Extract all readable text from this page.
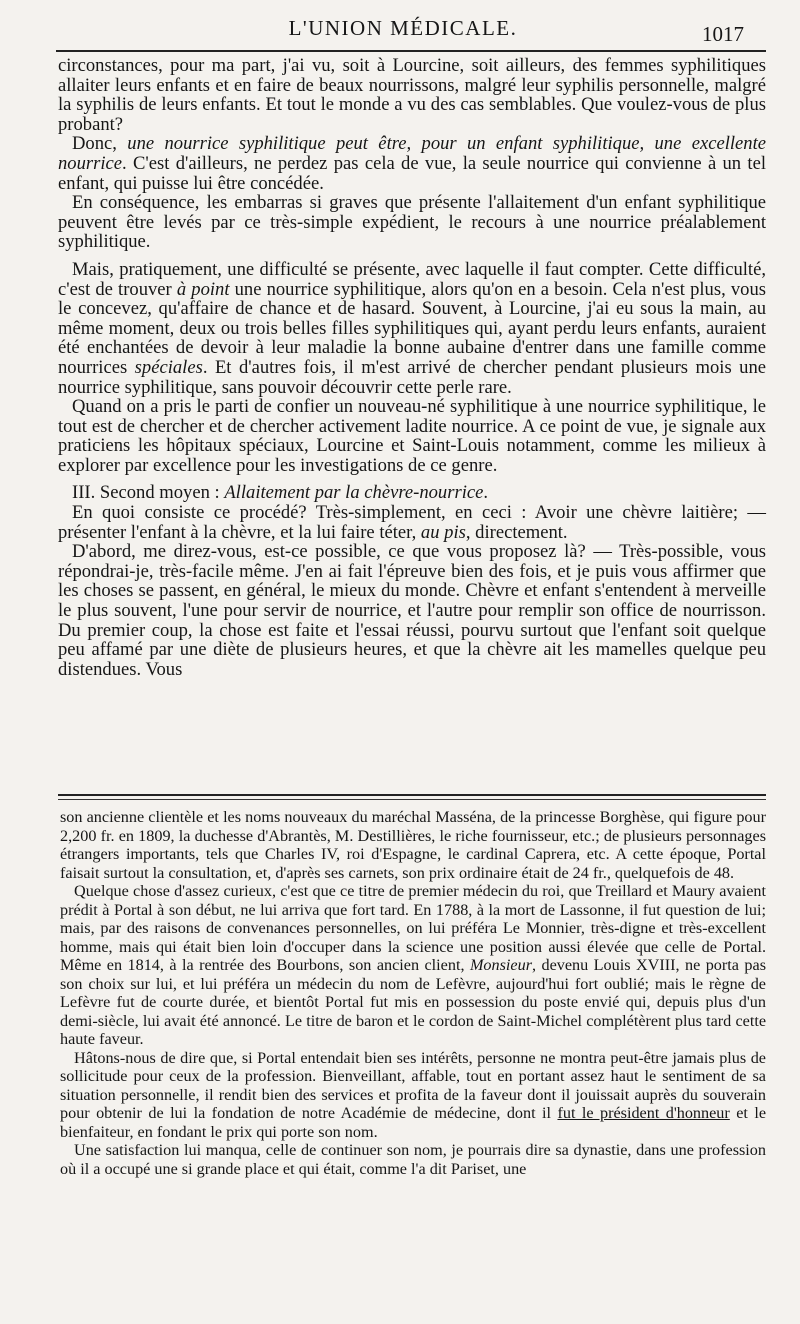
L'UNION MÉDICALE.	1017

circonstances, pour ma part, j'ai vu, soit à Lourcine, soit ailleurs, des femmes syphilitiques allaiter leurs enfants et en faire de beaux nourrissons, malgré leur syphilis personnelle, malgré la syphilis de leurs enfants. Et tout le monde a vu des cas semblables. Que voulez-vous de plus probant?

Donc, une nourrice syphilitique peut être, pour un enfant syphilitique, une excellente nourrice. C'est d'ailleurs, ne perdez pas cela de vue, la seule nourrice qui convienne à un tel enfant, qui puisse lui être concédée.

En conséquence, les embarras si graves que présente l'allaitement d'un enfant syphilitique peuvent être levés par ce très-simple expédient, le recours à une nourrice préalablement syphilitique.

Mais, pratiquement, une difficulté se présente, avec laquelle il faut compter. Cette difficulté, c'est de trouver à point une nourrice syphilitique, alors qu'on en a besoin. Cela n'est plus, vous le concevez, qu'affaire de chance et de hasard. Souvent, à Lourcine, j'ai eu sous la main, au même moment, deux ou trois belles filles syphilitiques qui, ayant perdu leurs enfants, auraient été enchantées de devoir à leur maladie la bonne aubaine d'entrer dans une famille comme nourrices spéciales. Et d'autres fois, il m'est arrivé de chercher pendant plusieurs mois une nourrice syphilitique, sans pouvoir découvrir cette perle rare.

Quand on a pris le parti de confier un nouveau-né syphilitique à une nourrice syphilitique, le tout est de chercher et de chercher activement ladite nourrice. A ce point de vue, je signale aux praticiens les hôpitaux spéciaux, Lourcine et Saint-Louis notamment, comme les milieux à explorer par excellence pour les investigations de ce genre.

III. Second moyen : Allaitement par la chèvre-nourrice.

En quoi consiste ce procédé? Très-simplement, en ceci : Avoir une chèvre laitière; — présenter l'enfant à la chèvre, et la lui faire téter, au pis, directement.

D'abord, me direz-vous, est-ce possible, ce que vous proposez là? — Très-possible, vous répondrai-je, très-facile même. J'en ai fait l'épreuve bien des fois, et je puis vous affirmer que les choses se passent, en général, le mieux du monde. Chèvre et enfant s'entendent à merveille le plus souvent, l'une pour servir de nourrice, et l'autre pour remplir son office de nourrisson. Du premier coup, la chose est faite et l'essai réussi, pourvu surtout que l'enfant soit quelque peu affamé par une diète de plusieurs heures, et que la chèvre ait les mamelles quelque peu distendues. Vous

son ancienne clientèle et les noms nouveaux du maréchal Masséna, de la princesse Borghèse, qui figure pour 2,200 fr. en 1809, la duchesse d'Abrantès, M. Destillières, le riche fournisseur, etc.; de plusieurs personnages étrangers importants, tels que Charles IV, roi d'Espagne, le cardinal Caprera, etc. A cette époque, Portal faisait surtout la consultation, et, d'après ses carnets, son prix ordinaire était de 24 fr., quelquefois de 48.

Quelque chose d'assez curieux, c'est que ce titre de premier médecin du roi, que Treillard et Maury avaient prédit à Portal à son début, ne lui arriva que fort tard. En 1788, à la mort de Lassonne, il fut question de lui; mais, par des raisons de convenances personnelles, on lui préféra Le Monnier, très-digne et très-excellent homme, mais qui était bien loin d'occuper dans la science une position aussi élevée que celle de Portal. Même en 1814, à la rentrée des Bourbons, son ancien client, Monsieur, devenu Louis XVIII, ne porta pas son choix sur lui, et lui préféra un médecin du nom de Lefèvre, aujourd'hui fort oublié; mais le règne de Lefèvre fut de courte durée, et bientôt Portal fut mis en possession du poste envié qui, depuis plus d'un demi-siècle, lui avait été annoncé. Le titre de baron et le cordon de Saint-Michel complétèrent plus tard cette haute faveur.

Hâtons-nous de dire que, si Portal entendait bien ses intérêts, personne ne montra peut-être jamais plus de sollicitude pour ceux de la profession. Bienveillant, affable, tout en portant assez haut le sentiment de sa situation personnelle, il rendit bien des services et profita de la faveur dont il jouissait auprès du souverain pour obtenir de lui la fondation de notre Académie de médecine, dont il fut le président d'honneur et le bienfaiteur, en fondant le prix qui porte son nom.

Une satisfaction lui manqua, celle de continuer son nom, je pourrais dire sa dynastie, dans une profession où il a occupé une si grande place et qui était, comme l'a dit Pariset, une
